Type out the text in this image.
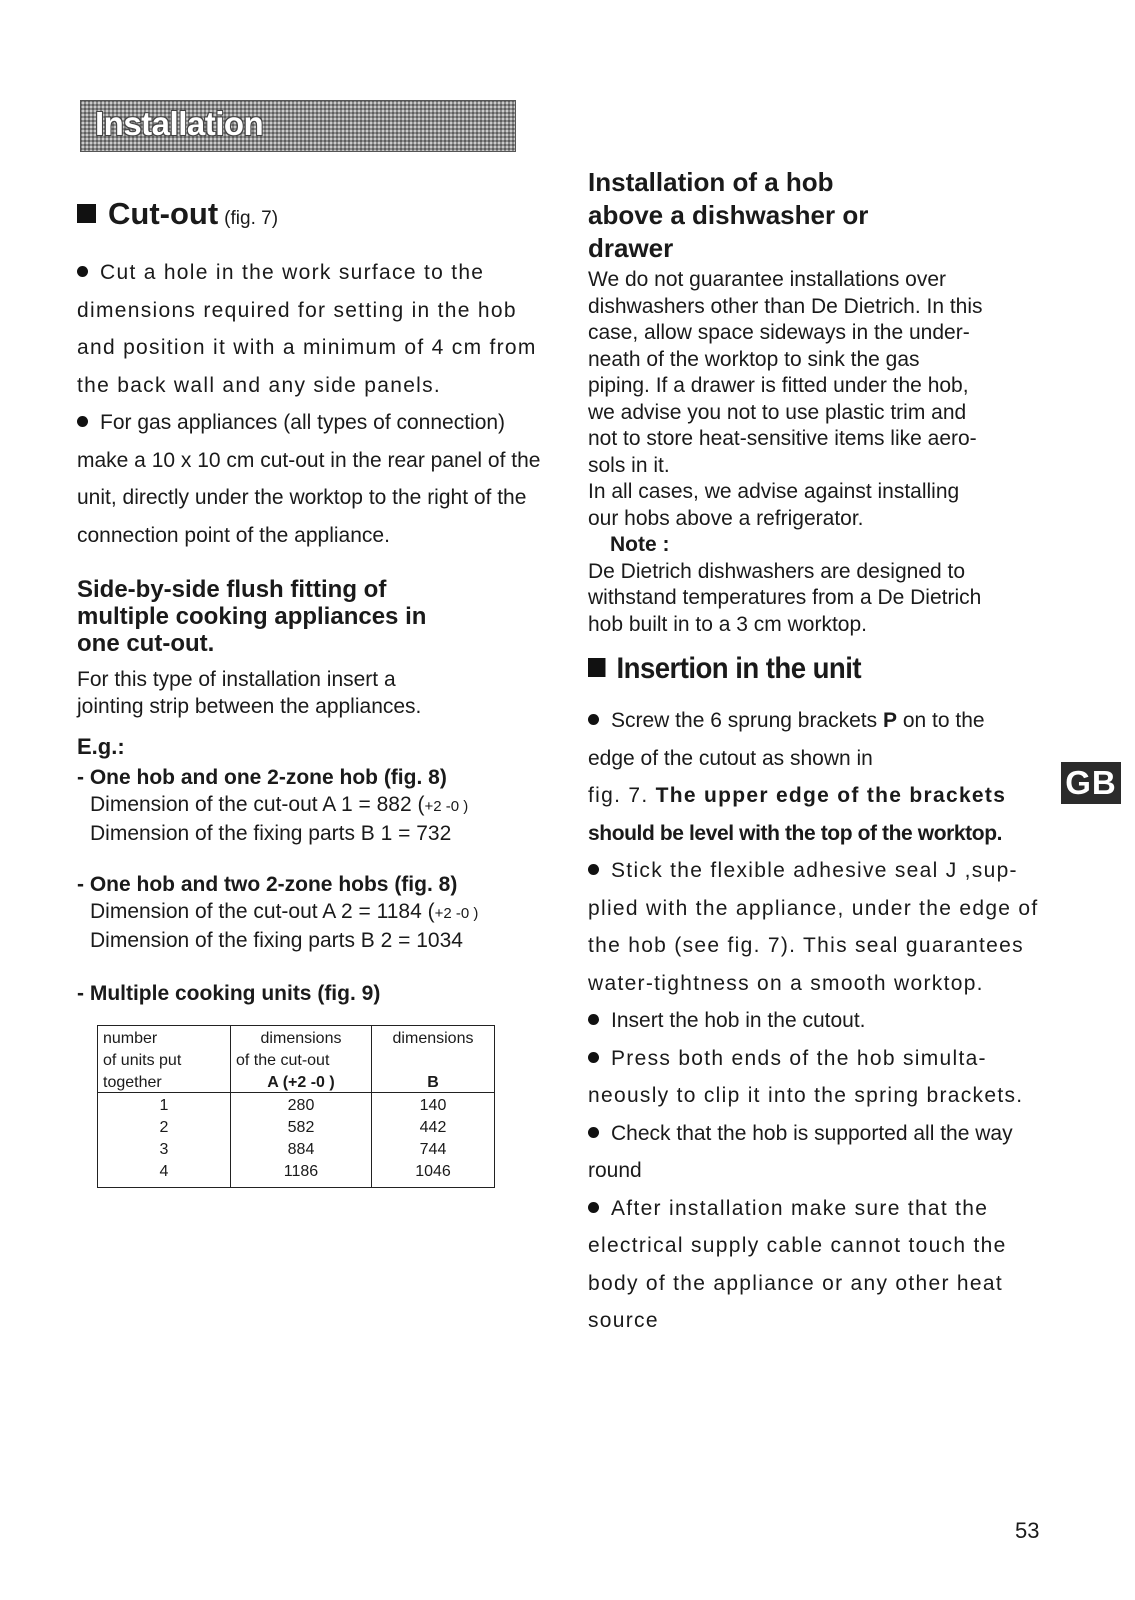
Installation
Cut-out (fig. 7)

Cut a hole in the work surface to the dimensions required for setting in the hob and position it with a minimum of 4 cm from the back wall and any side panels.

For gas appliances (all types of connection) make a 10 x 10 cm cut-out in the rear panel of the unit, directly under the worktop to the right of the connection point of the appliance.

Side-by-side flush fitting of

multiple cooking appliances in

one cut-out.

For this type of installation insert a

jointing strip between the appliances.

E.g.:

- One hob and one 2-zone hob (fig. 8)

Dimension of the cut-out A 1 = 882 (+2 -0 )

Dimension of the fixing parts B 1 = 732

- One hob and two 2-zone hobs (fig. 8)

Dimension of the cut-out A 2 = 1184 (+2 -0 )

Dimension of the fixing parts B 2 = 1034

- Multiple cooking units (fig. 9)

number	dimensions	dimensions
of units put	of the cut-out	
together	A (+2 -0 )	B
1	280	140
2	582	442
3	884	744
4	1186	1046

Installation of a hob

above a dishwasher or

drawer

We do not guarantee installations over

dishwashers other than De Dietrich. In this

case, allow space sideways in the under-

neath of the worktop to sink the gas

piping. If a drawer is fitted under the hob,

we advise you not to use plastic trim and

not to store heat-sensitive items like aero-

sols in it.

In all cases, we advise against installing

our hobs above a refrigerator.

Note :

De Dietrich dishwashers are designed to

withstand temperatures from a De Dietrich

hob built in to a 3 cm worktop.

Insertion in the unit

Screw the 6 sprung brackets P on to the
edge of the cutout as shown in
fig. 7. The upper edge of the brackets
should be level with the top of the worktop.

Stick the flexible adhesive seal J ,sup- plied with the appliance, under the edge of the hob (see fig. 7). This seal guarantees water-tightness on a smooth worktop.

Insert the hob in the cutout.

Press both ends of the hob simulta- neously to clip it into the spring brackets.

Check that the hob is supported all the way round

After installation make sure that the electrical supply cable cannot touch the body of the appliance or any other heat source

GB
53
